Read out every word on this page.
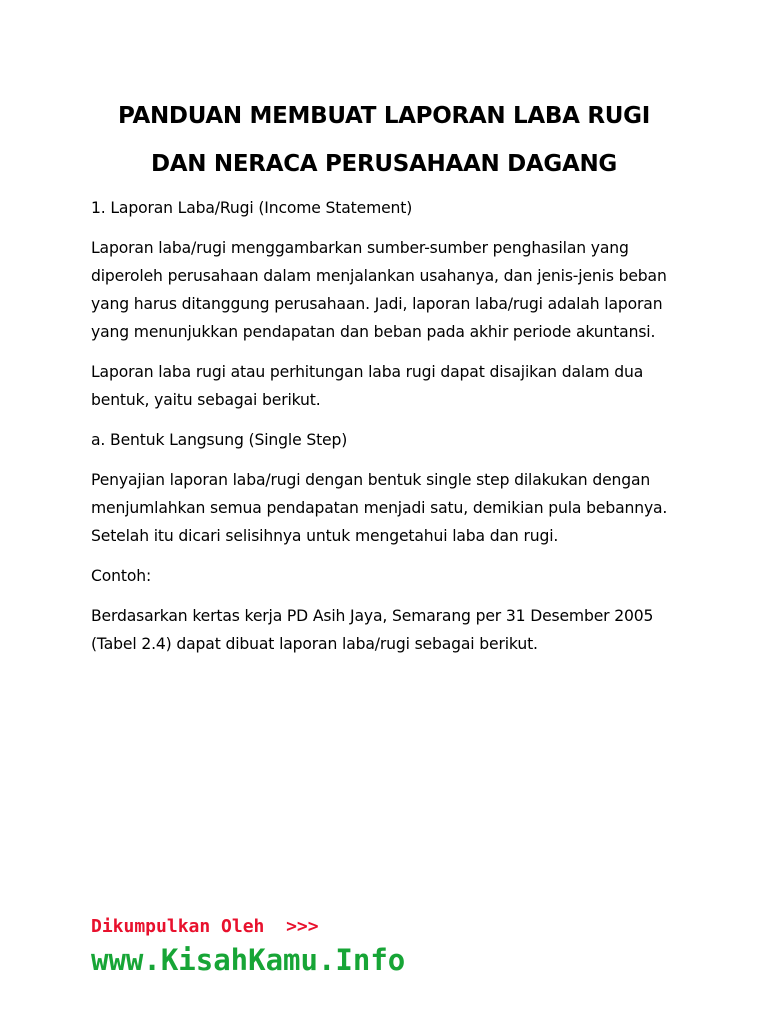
PANDUAN MEMBUAT LAPORAN LABA RUGI
DAN NERACA PERUSAHAAN DAGANG

1. Laporan Laba/Rugi (Income Statement)

Laporan laba/rugi menggambarkan sumber-sumber penghasilan yang diperoleh perusahaan dalam menjalankan usahanya, dan jenis-jenis beban yang harus ditanggung perusahaan. Jadi, laporan laba/rugi adalah laporan yang menunjukkan pendapatan dan beban pada akhir periode akuntansi.

Laporan laba rugi atau perhitungan laba rugi dapat disajikan dalam dua bentuk, yaitu sebagai berikut.

a. Bentuk Langsung (Single Step)

Penyajian laporan laba/rugi dengan bentuk single step dilakukan dengan menjumlahkan semua pendapatan menjadi satu, demikian pula bebannya. Setelah itu dicari selisihnya untuk mengetahui laba dan rugi.

Contoh:

Berdasarkan kertas kerja PD Asih Jaya, Semarang per 31 Desember 2005 (Tabel 2.4) dapat dibuat laporan laba/rugi sebagai berikut.

Dikumpulkan Oleh  >>>
www.KisahKamu.Info
